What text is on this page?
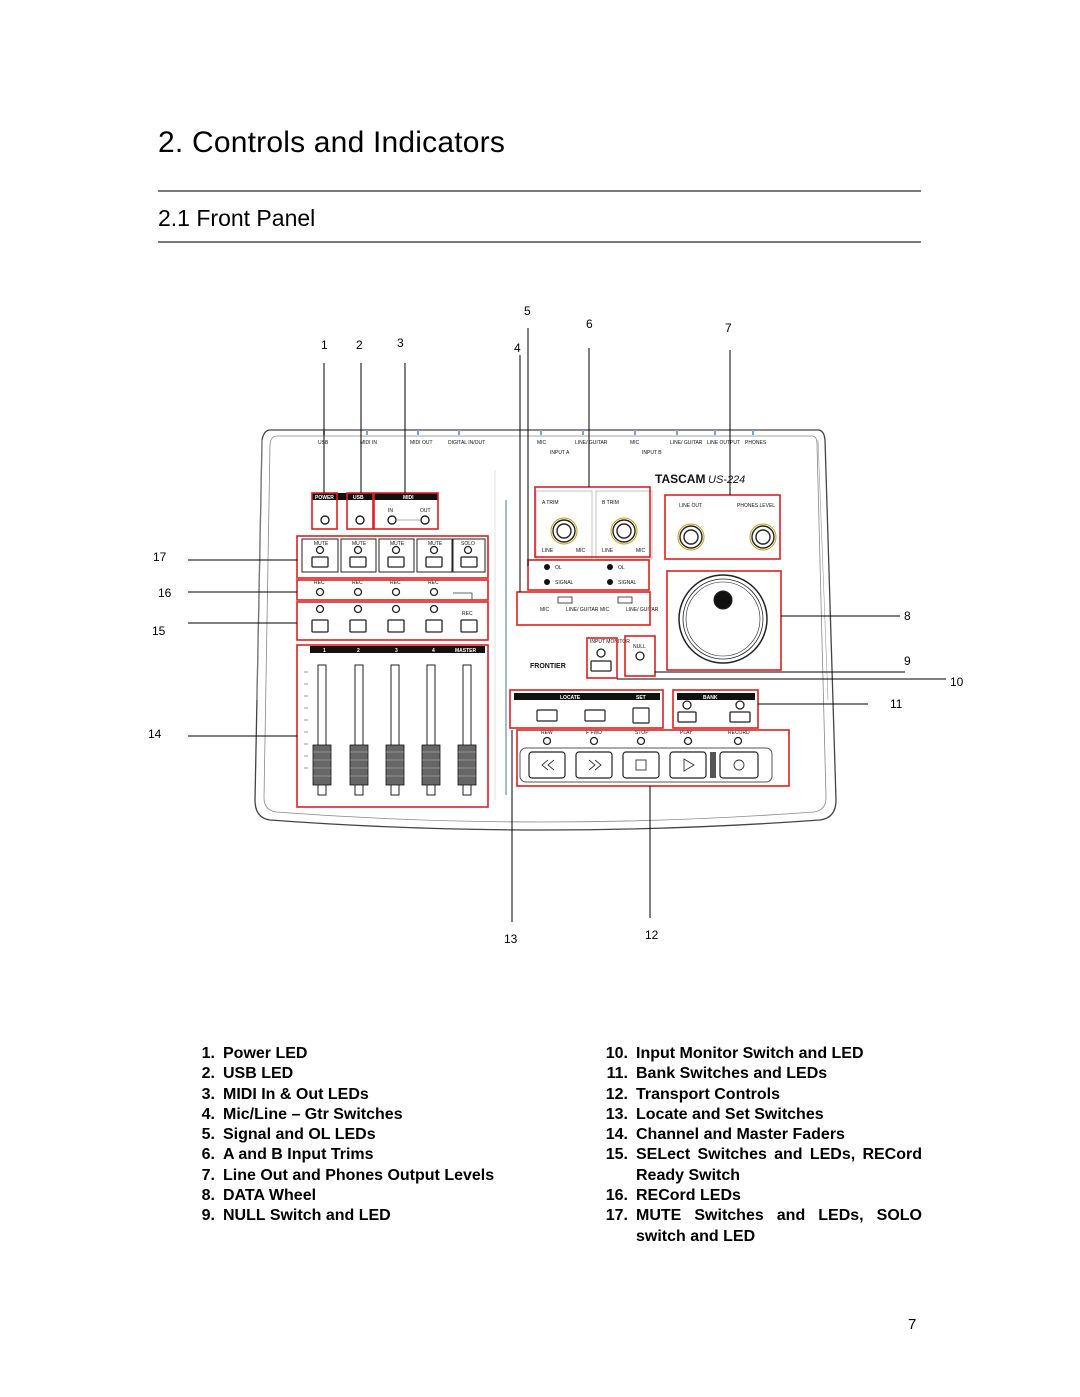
2. Controls and Indicators
2.1 Front Panel
USB	MIDI IN	MIDI OUT	DIGITAL IN/OUT	MIC	LINE/ GUITAR	MIC	LINE/ GUITAR LINE OUTPUT PHONES
INPUT A	INPUT B
TASCAM US-224
POWER	USB	MIDI
IN	OUT
MUTE	MUTE	MUTE	MUTE	SOLO
REC	REC	REC	REC
REC
1	2	3	4	MASTER
A TRIM	B TRIM
LINE	MIC	LINE	MIC
OL
SIGNAL
OL
SIGNAL
MIC	LINE/ GUITAR MIC	LINE/ GUITAR
LINE OUT	PHONES LEVEL
INPUT MONITOR
NULL
FRONTIER
LOCATE	SET	BANK
REW	F FWD	STOP	PLAY	RECORD
1 2	3	4
5
6	7
8
9
10
11
12
13
14
15
16
17
1. Power LED
2. USB LED
3. MIDI In & Out LEDs
4. Mic/Line – Gtr Switches
5. Signal and OL LEDs
6. A and B Input Trims
7. Line Out and Phones Output Levels
8. DATA Wheel
9. NULL Switch and LED
10. Input Monitor Switch and LED
11. Bank Switches and LEDs
12. Transport Controls
13. Locate and Set Switches
14. Channel and Master Faders
15. SELect Switches and LEDs, RECord Ready Switch
16. RECord LEDs
17. MUTE Switches and LEDs, SOLO switch and LED
7
